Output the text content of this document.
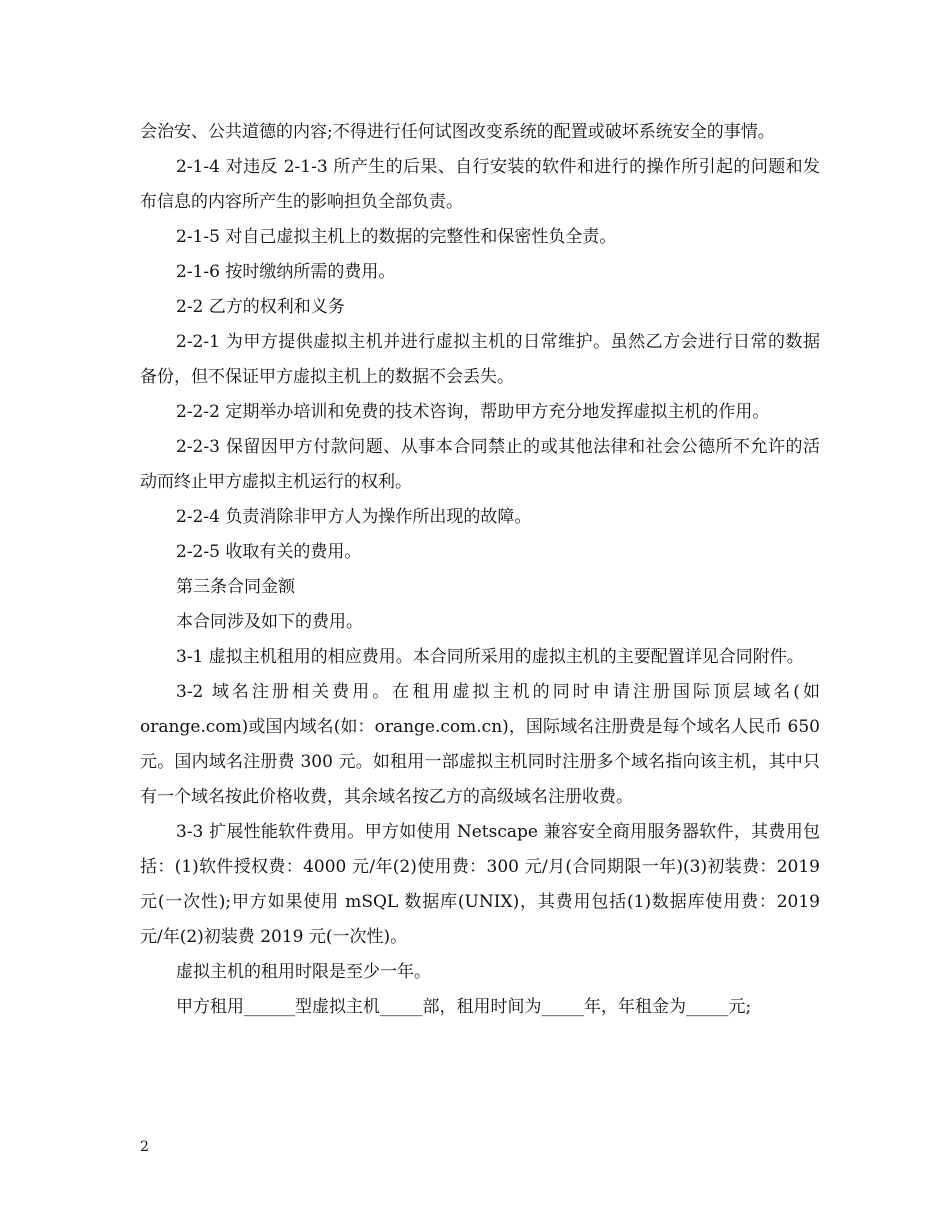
会治安、公共道德的内容;不得进行任何试图改变系统的配置或破坏系统安全的事情。

2-1-4 对违反 2-1-3 所产生的后果、自行安装的软件和进行的操作所引起的问题和发布信息的内容所产生的影响担负全部负责。

2-1-5 对自己虚拟主机上的数据的完整性和保密性负全责。

2-1-6 按时缴纳所需的费用。

2-2 乙方的权利和义务

2-2-1 为甲方提供虚拟主机并进行虚拟主机的日常维护。虽然乙方会进行日常的数据备份，但不保证甲方虚拟主机上的数据不会丢失。

2-2-2 定期举办培训和免费的技术咨询，帮助甲方充分地发挥虚拟主机的作用。

2-2-3 保留因甲方付款问题、从事本合同禁止的或其他法律和社会公德所不允许的活动而终止甲方虚拟主机运行的权利。

2-2-4 负责消除非甲方人为操作所出现的故障。

2-2-5 收取有关的费用。

第三条合同金额

本合同涉及如下的费用。

3-1 虚拟主机租用的相应费用。本合同所采用的虚拟主机的主要配置详见合同附件。

3-2 域名注册相关费用。在租用虚拟主机的同时申请注册国际顶层域名(如 orange.com)或国内域名(如：orange.com.cn)，国际域名注册费是每个域名人民币 650 元。国内域名注册费 300 元。如租用一部虚拟主机同时注册多个域名指向该主机，其中只有一个域名按此价格收费，其余域名按乙方的高级域名注册收费。

3-3 扩展性能软件费用。甲方如使用 Netscape 兼容安全商用服务器软件，其费用包括：(1)软件授权费：4000 元/年(2)使用费：300 元/月(合同期限一年)(3)初装费：2019 元(一次性);甲方如果使用 mSQL 数据库(UNIX)，其费用包括(1)数据库使用费：2019 元/年(2)初装费 2019 元(一次性)。

虚拟主机的租用时限是至少一年。

甲方租用______型虚拟主机_____部，租用时间为_____年，年租金为_____元;

2
